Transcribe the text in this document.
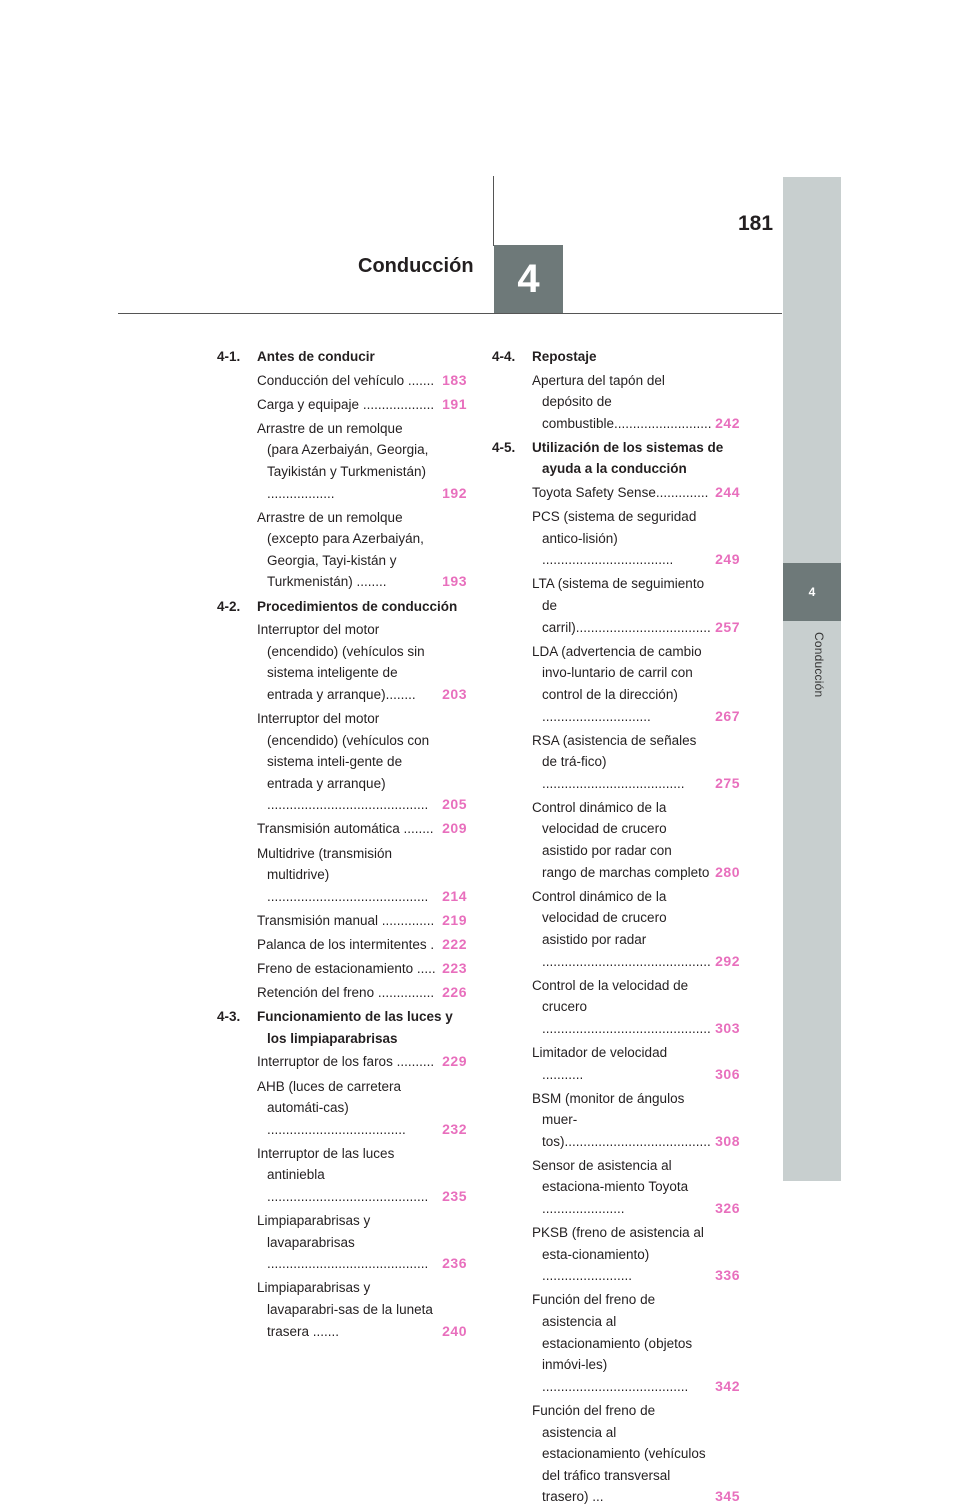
4
Conducción
181
Conducción	4
4-1. Antes de conducir
Conducción del vehículo ....... 183
Carga y equipaje ................... 191
Arrastre de un remolque (para Azerbaiyán, Georgia, Tayikistán y Turkmenistán) ..................	192
Arrastre de un remolque (excepto para Azerbaiyán, Georgia, Tayi-kistán y Turkmenistán) ........	193
4-2. Procedimientos de conducción
Interruptor del motor (encendido) (vehículos sin sistema inteligente de entrada y arranque)........	203
Interruptor del motor (encendido) (vehículos con sistema inteli-gente de entrada y arranque) ........................................... 205
Transmisión automática ........ 209
Multidrive (transmisión multidrive) ........................................... 214
Transmisión manual .............. 219
Palanca de los intermitentes . 222
Freno de estacionamiento ..... 223
Retención del freno ............... 226
4-3. Funcionamiento de las luces y los limpiaparabrisas
Interruptor de los faros .......... 229
AHB (luces de carretera automáti-cas) .....................................	232
Interruptor de las luces antiniebla ........................................... 235
Limpiaparabrisas y lavaparabrisas ........................................... 236
Limpiaparabrisas y lavaparabri-sas de la luneta trasera .......	240
4-4. Repostaje
Apertura del tapón del depósito de combustible.......................... 242
4-5. Utilización de los sistemas de ayuda a la conducción
Toyota Safety Sense.............. 244
PCS (sistema de seguridad antico-lisión) ...................................	249
LTA (sistema de seguimiento de carril).................................... 257
LDA (advertencia de cambio invo-luntario de carril con control de la dirección) .............................	267
RSA (asistencia de señales de trá-fico) ......................................	275
Control dinámico de la velocidad de crucero asistido por radar con rango de marchas completo 280
Control dinámico de la velocidad de crucero asistido por radar ............................................. 292
Control de la velocidad de crucero ............................................. 303
Limitador de velocidad ...........	306
BSM (monitor de ángulos muer-tos)....................................... 308
Sensor de asistencia al estaciona-miento Toyota ......................	326
PKSB (freno de asistencia al esta-cionamiento) ........................	336
Función del freno de asistencia al estacionamiento (objetos inmóvi-les) .......................................	342
Función del freno de asistencia al estacionamiento (vehículos del tráfico transversal trasero) ...	345
